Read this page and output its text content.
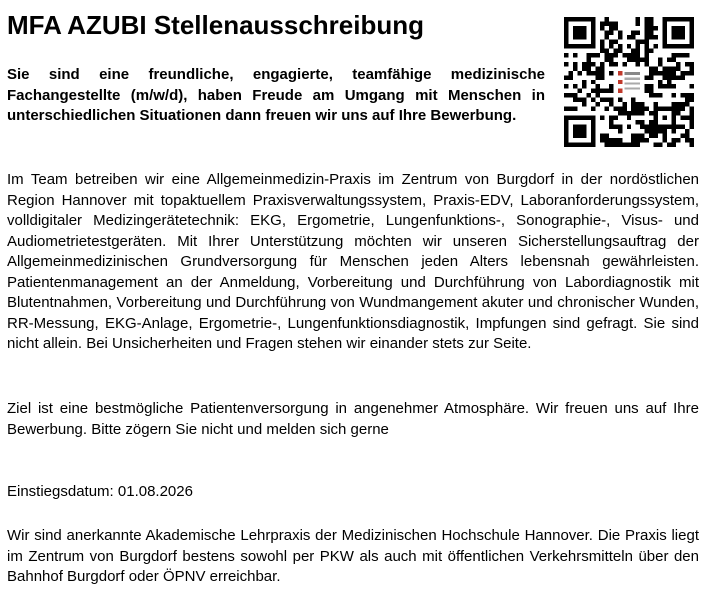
MFA AZUBI Stellenausschreibung

Sie sind eine freundliche, engagierte, teamfähige medizinische Fachangestellte (m/w/d), haben Freude am Umgang mit Menschen in unterschiedlichen Situationen dann freuen wir uns auf Ihre Bewerbung.

Im Team betreiben wir eine Allgemeinmedizin-Praxis im Zentrum von Burgdorf in der nordöstlichen Region Hannover mit topaktuellem Praxisverwaltungssystem, Praxis-EDV, Laboranforderungssystem, volldigitaler Medizingerätetechnik: EKG, Ergometrie, Lungenfunktions-, Sonographie-, Visus- und Audiometrietestgeräten. Mit Ihrer Unterstützung möchten wir unseren Sicherstellungsauftrag der Allgemeinmedizinischen Grundversorgung für Menschen jeden Alters lebensnah gewährleisten. Patientenmanagement an der Anmeldung, Vorbereitung und Durchführung von Labordiagnostik mit Blutentnahmen, Vorbereitung und Durchführung von Wundmangement akuter und chronischer Wunden, RR-Messung, EKG-Anlage, Ergometrie-, Lungenfunktionsdiagnostik, Impfungen sind gefragt. Sie sind nicht allein. Bei Unsicherheiten und Fragen stehen wir einander stets zur Seite.

Ziel ist eine bestmögliche Patientenversorgung in angenehmer Atmosphäre. Wir freuen uns auf Ihre Bewerbung. Bitte zögern Sie nicht und melden sich gerne

Einstiegsdatum: 01.08.2026

Wir sind anerkannte Akademische Lehrpraxis der Medizinischen Hochschule Hannover. Die Praxis liegt im Zentrum von Burgdorf bestens sowohl per PKW als auch mit öffentlichen Verkehrsmitteln über den Bahnhof Burgdorf oder ÖPNV erreichbar.
